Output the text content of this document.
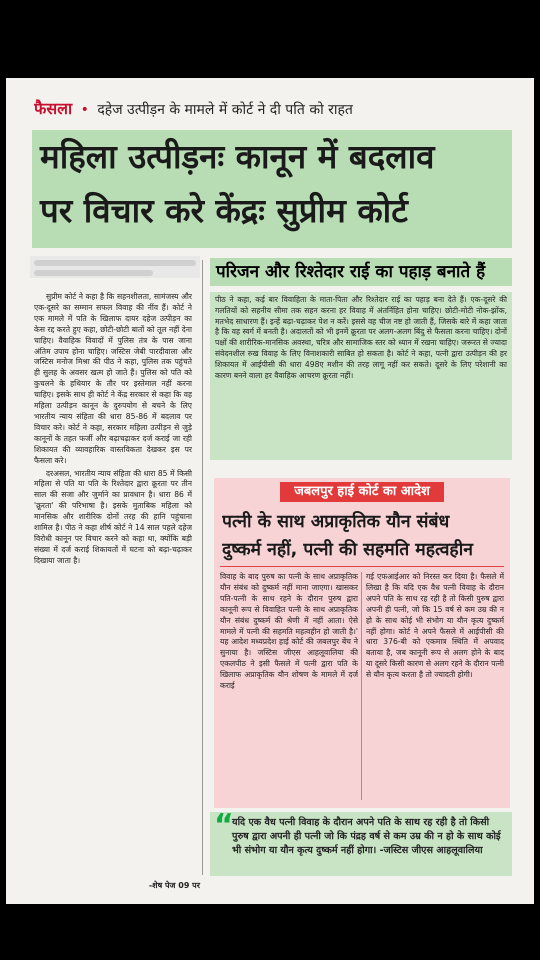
फैसला • दहेज उत्पीड़न के मामले में कोर्ट ने दी पति को राहत
महिला उत्पीड़नः कानून में बदलाव
पर विचार करे केंद्रः सुप्रीम कोर्ट

सुप्रीम कोर्ट ने कहा है कि सहनशीलता, सामंजस्य और एक-दूसरे का सम्मान सफल विवाह की नींव हैं। कोर्ट ने एक मामले में पति के खिलाफ दायर दहेज उत्पीड़न का केस रद्द करते हुए कहा, छोटी-छोटी बातों को तूल नहीं देना चाहिए। वैवाहिक विवादों में पुलिस तंत्र के पास जाना अंतिम उपाय होना चाहिए। जस्टिस जेबी पारदीवाला और जस्टिस मनोज मिश्रा की पीठ ने कहा, पुलिस तक पहुंचते ही सुलह के अवसर खत्म हो जाते हैं। पुलिस को पति को कुचलने के हथियार के तौर पर इस्तेमाल नहीं करना चाहिए। इसके साथ ही कोर्ट ने केंद्र सरकार से कहा कि वह महिला उत्पीड़न कानून के दुरुपयोग से बचने के लिए भारतीय न्याय संहिता की धारा 85-86 में बदलाव पर विचार करे। कोर्ट ने कहा, सरकार महिला उत्पीड़न से जुड़े कानूनों के तहत फर्जी और बढ़ाचढ़ाकर दर्ज कराई जा रही शिकायत की व्यावहारिक वास्तविकता देखकर इस पर फैसला करे।

दरअसल, भारतीय न्याय संहिता की धारा 85 में किसी महिला से पति या पति के रिश्तेदार द्वारा क्रूरता पर तीन साल की सजा और जुर्माने का प्रावधान है। धारा 86 में 'क्रूरता' की परिभाषा है। इसके मुताबिक महिला को मानसिक और शारीरिक दोनों तरह की हानि पहुंचाना शामिल है। पीठ ने कहा शीर्ष कोर्ट ने 14 साल पहले दहेज विरोधी कानून पर विचार करने को कहा था, क्योंकि बड़ी संख्या में दर्ज कराई शिकायतों में घटना को बढ़ा-चढ़ाकर दिखाया जाता है।

-शेष पेज 09 पर
परिजन और रिश्तेदार राई का पहाड़ बनाते हैं
पीठ ने कहा, कई बार विवाहिता के माता-पिता और रिश्तेदार राई का पहाड़ बना देते हैं। एक-दूसरे की गलतियों को सहनीय सीमा तक सहन करना हर विवाह में अंतर्निहित होना चाहिए। छोटी-मोटी नोक-झोंक, मतभेद साधारण हैं। इन्हें बढ़ा-चढ़ाकर पेश न करें। इससे वह चीज नष्ट हो जाती हैं, जिसके बारे में कहा जाता है कि वह स्वर्ग में बनती है। अदालतों को भी इनमें क्रूरता पर अलग-अलग बिंदु से फैसला करना चाहिए। दोनों पक्षों की शारीरिक-मानसिक अवस्था, चरित्र और सामाजिक स्तर को ध्यान में रखना चाहिए। जरूरत से ज्यादा संवेदनशील रुख विवाह के लिए विनाशकारी साबित हो सकता है। कोर्ट ने कहा, पत्नी द्वारा उत्पीड़न की हर शिकायत में आईपीसी की धारा 498ए मशीन की तरह लागू नहीं कर सकते। दूसरे के लिए परेशानी का कारण बनने वाला हर वैवाहिक आचरण क्रूरता नहीं।
जबलपुर हाई कोर्ट का आदेश
पत्नी के साथ अप्राकृतिक यौन संबंध
दुष्कर्म नहीं, पत्नी की सहमति महत्वहीन
विवाह के बाद पुरुष का पत्नी के साथ अप्राकृतिक यौन संबंध को दुष्कर्म नहीं माना जाएगा। खासकर पति-पत्नी के साथ रहने के दौरान पुरुष द्वारा कानूनी रूप से विवाहित पत्नी के साथ अप्राकृतिक यौन संबंध दुष्कर्म की श्रेणी में नहीं आता। ऐसे मामले में पत्नी की सहमति महत्वहीन हो जाती है।' यह आदेश मध्यप्रदेश हाई कोर्ट की जबलपुर बेंच ने सुनाया है। जस्टिस जीएस आहलूवालिया की एकलपीठ ने इसी फैसले में पत्नी द्वारा पति के खिलाफ अप्राकृतिक यौन शोषण के मामले में दर्ज कराई
गई एफआईआर को निरस्त कर दिया है। फैसले में लिखा है कि यदि एक वैध पत्नी विवाह के दौरान अपने पति के साथ रह रही है तो किसी पुरुष द्वारा अपनी ही पत्नी, जो कि 15 वर्ष से कम उम्र की न हो के साथ कोई भी संभोग या यौन कृत्य दुष्कर्म नहीं होगा। कोर्ट ने अपने फैसले में आईपीसी की धारा 376-बी को एकमात्र स्थिति में अपवाद बताया है, जब कानूनी रूप से अलग होने के बाद या दूसरे किसी कारण से अलग रहने के दौरान पत्नी से यौन कृत्य करता है तो ज्यादती होगी।
“
यदि एक वैध पत्नी विवाह के दौरान अपने पति के साथ रह रही है तो किसी पुरुष द्वारा अपनी ही पत्नी जो कि पंद्रह वर्ष से कम उम्र की न हो के साथ कोई भी संभोग या यौन कृत्य दुष्कर्म नहीं होगा। -जस्टिस जीएस आहलूवालिया
